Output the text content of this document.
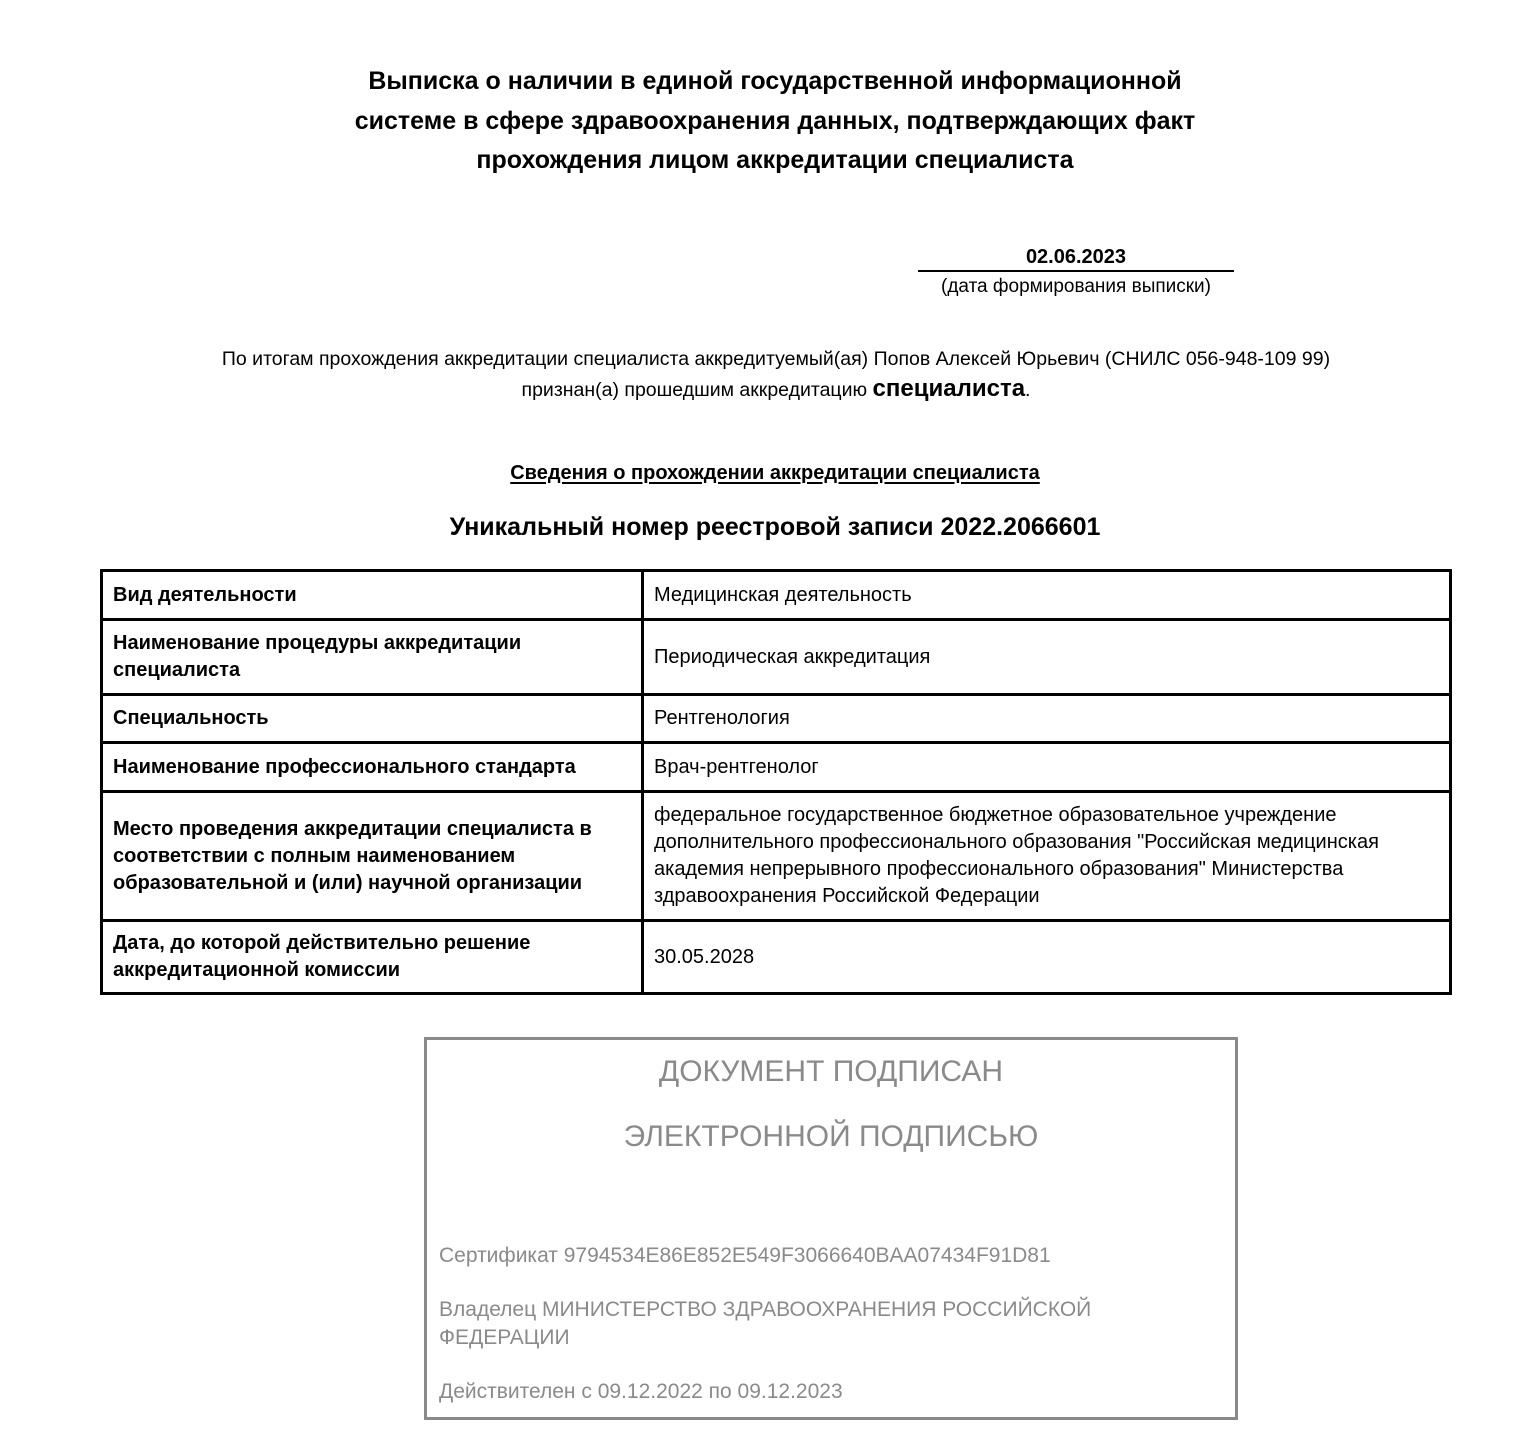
Выписка о наличии в единой государственной информационной
системе в сфере здравоохранения данных, подтверждающих факт
прохождения лицом аккредитации специалиста
02.06.2023
(дата формирования выписки)
По итогам прохождения аккредитации специалиста аккредитуемый(ая) Попов Алексей Юрьевич (СНИЛС 056-948-109 99)
признан(а) прошедшим аккредитацию специалиста.
Сведения о прохождении аккредитации специалиста
Уникальный номер реестровой записи 2022.2066601
Вид деятельности	Медицинская деятельность
Наименование процедуры аккредитации специалиста	Периодическая аккредитация
Специальность	Рентгенология
Наименование профессионального стандарта	Врач-рентгенолог
Место проведения аккредитации специалиста в соответствии с полным наименованием образовательной и (или) научной организации	федеральное государственное бюджетное образовательное учреждение дополнительного профессионального образования "Российская медицинская академия непрерывного профессионального образования" Министерства здравоохранения Российской Федерации
Дата, до которой действительно решение аккредитационной комиссии	30.05.2028
ДОКУМЕНТ ПОДПИСАН
ЭЛЕКТРОННОЙ ПОДПИСЬЮ
Сертификат 9794534E86E852E549F3066640BAA07434F91D81
Владелец МИНИСТЕРСТВО ЗДРАВООХРАНЕНИЯ РОССИЙСКОЙ ФЕДЕРАЦИИ
Действителен с 09.12.2022 по 09.12.2023
